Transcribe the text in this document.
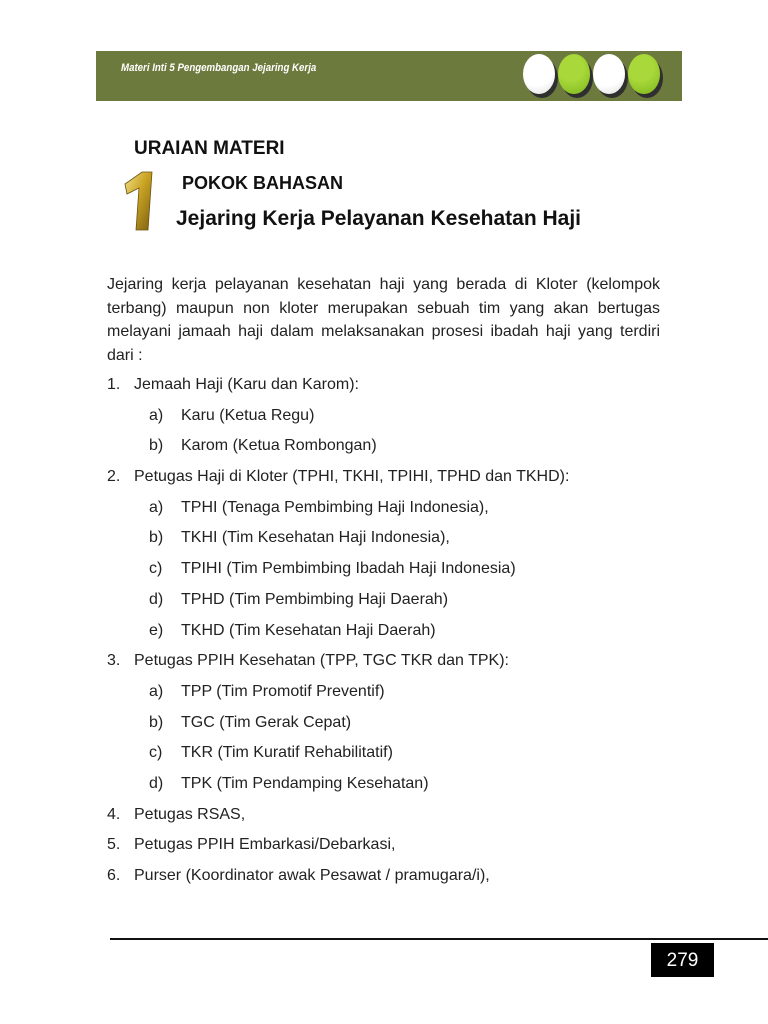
Materi Inti 5 Pengembangan Jejaring Kerja
URAIAN MATERI
1
POKOK BAHASAN
Jejaring Kerja Pelayanan Kesehatan Haji
Jejaring kerja pelayanan kesehatan haji yang berada di Kloter (kelompok terbang) maupun non kloter merupakan sebuah tim yang akan bertugas melayani jamaah haji dalam melaksanakan prosesi ibadah haji yang terdiri dari :
1. Jemaah Haji (Karu dan Karom):
a) Karu (Ketua Regu)
b) Karom (Ketua Rombongan)
2. Petugas Haji di Kloter (TPHI, TKHI, TPIHI, TPHD dan TKHD):
a) TPHI (Tenaga Pembimbing Haji Indonesia),
b) TKHI (Tim Kesehatan Haji Indonesia),
c) TPIHI (Tim Pembimbing Ibadah Haji Indonesia)
d) TPHD (Tim Pembimbing Haji Daerah)
e) TKHD (Tim Kesehatan Haji Daerah)
3. Petugas PPIH Kesehatan (TPP, TGC TKR dan TPK):
a) TPP (Tim Promotif Preventif)
b) TGC (Tim Gerak Cepat)
c) TKR (Tim Kuratif Rehabilitatif)
d) TPK (Tim Pendamping Kesehatan)
4. Petugas RSAS,
5. Petugas PPIH Embarkasi/Debarkasi,
6. Purser (Koordinator awak Pesawat / pramugara/i),
279
